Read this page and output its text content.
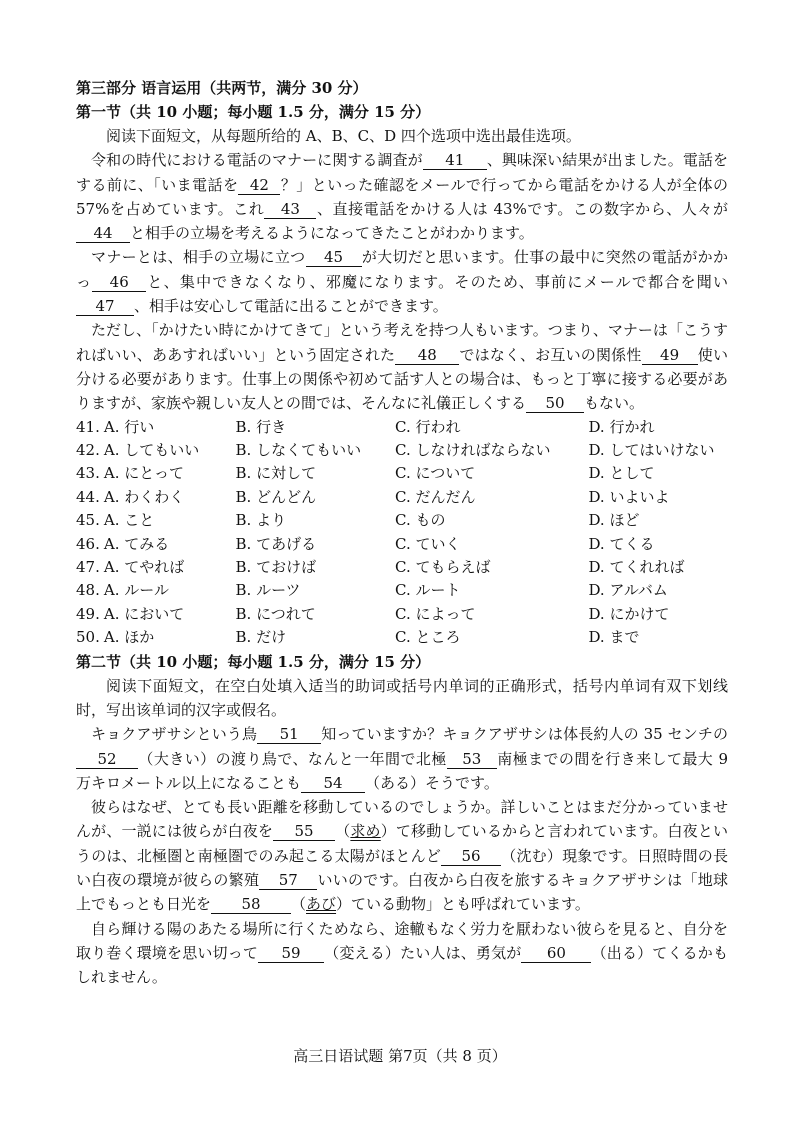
第三部分 语言运用（共两节，满分 30 分）
第一节（共 10 小题；每小题 1.5 分，满分 15 分）
阅读下面短文，从每题所给的 A、B、C、D 四个选项中选出最佳选项。
令和の時代における電話のマナーに関する調査が 41 、興味深い結果が出ました。電話をする前に、「いま電話を 42 ？」といった確認をメールで行ってから電話をかける人が全体の 57%を占めています。これ 43 、直接電話をかける人は 43%です。この数字から、人々が44 と相手の立場を考えるようになってきたことがわかります。
マナーとは、相手の立場に立つ 45 が大切だと思います。仕事の最中に突然の電話がかかっ 46 と、集中できなくなり、邪魔になります。そのため、事前にメールで都合を聞い47 、相手は安心して電話に出ることができます。
ただし、「かけたい時にかけてきて」という考えを持つ人もいます。つまり、マナーは「こうすればいい、ああすればいい」という固定された 48 ではなく、お互いの関係性 49 使い分ける必要があります。仕事上の関係や初めて話す人との場合は、もっと丁寧に接する必要がありますが、家族や親しい友人との間では、そんなに礼儀正しくする 50 もない。
41. A. 行い	B. 行き	C. 行われ	D. 行かれ
42. A. してもいい	B. しなくてもいい	C. しなければならない	D. してはいけない
43. A. にとって	B. に対して	C. について	D. として
44. A. わくわく	B. どんどん	C. だんだん	D. いよいよ
45. A. こと	B. より	C. もの	D. ほど
46. A. てみる	B. てあげる	C. ていく	D. てくる
47. A. てやれば	B. ておけば	C. てもらえば	D. てくれれば
48. A. ルール	B. ルーツ	C. ルート	D. アルバム
49. A. において	B. につれて	C. によって	D. にかけて
50. A. ほか	B. だけ	C. ところ	D. まで
第二节（共 10 小题；每小题 1.5 分，满分 15 分）
阅读下面短文，在空白处填入适当的助词或括号内单词的正确形式，括号内单词有双下划线时，写出该单词的汉字或假名。
キョクアザサシという鳥 51 知っていますか？キョクアザサシは体長約人の 35 センチの52 （大きい）の渡り鳥で、なんと一年間で北極 53 南極までの間を行き来して最大 9 万キロメートル以上になることも 54 （ある）そうです。
彼らはなぜ、とても長い距離を移動しているのでしょうか。詳しいことはまだ分かっていませんが、一説には彼らが白夜を 55 （求め）て移動しているからと言われています。白夜というのは、北極圏と南極圏でのみ起こる太陽がほとんど 56 （沈む）現象です。日照時間の長い白夜の環境が彼らの繁殖 57 いいのです。白夜から白夜を旅するキョクアザサシは「地球上でもっとも日光を 58 （あび）ている動物」とも呼ばれています。
自ら輝ける陽のあたる場所に行くためなら、途轍もなく労力を厭わない彼らを見ると、自分を取り巻く環境を思い切って 59 （変える）たい人は、勇気が 60 （出る）てくるかもしれません。
高三日语试题 第7页（共 8 页）
